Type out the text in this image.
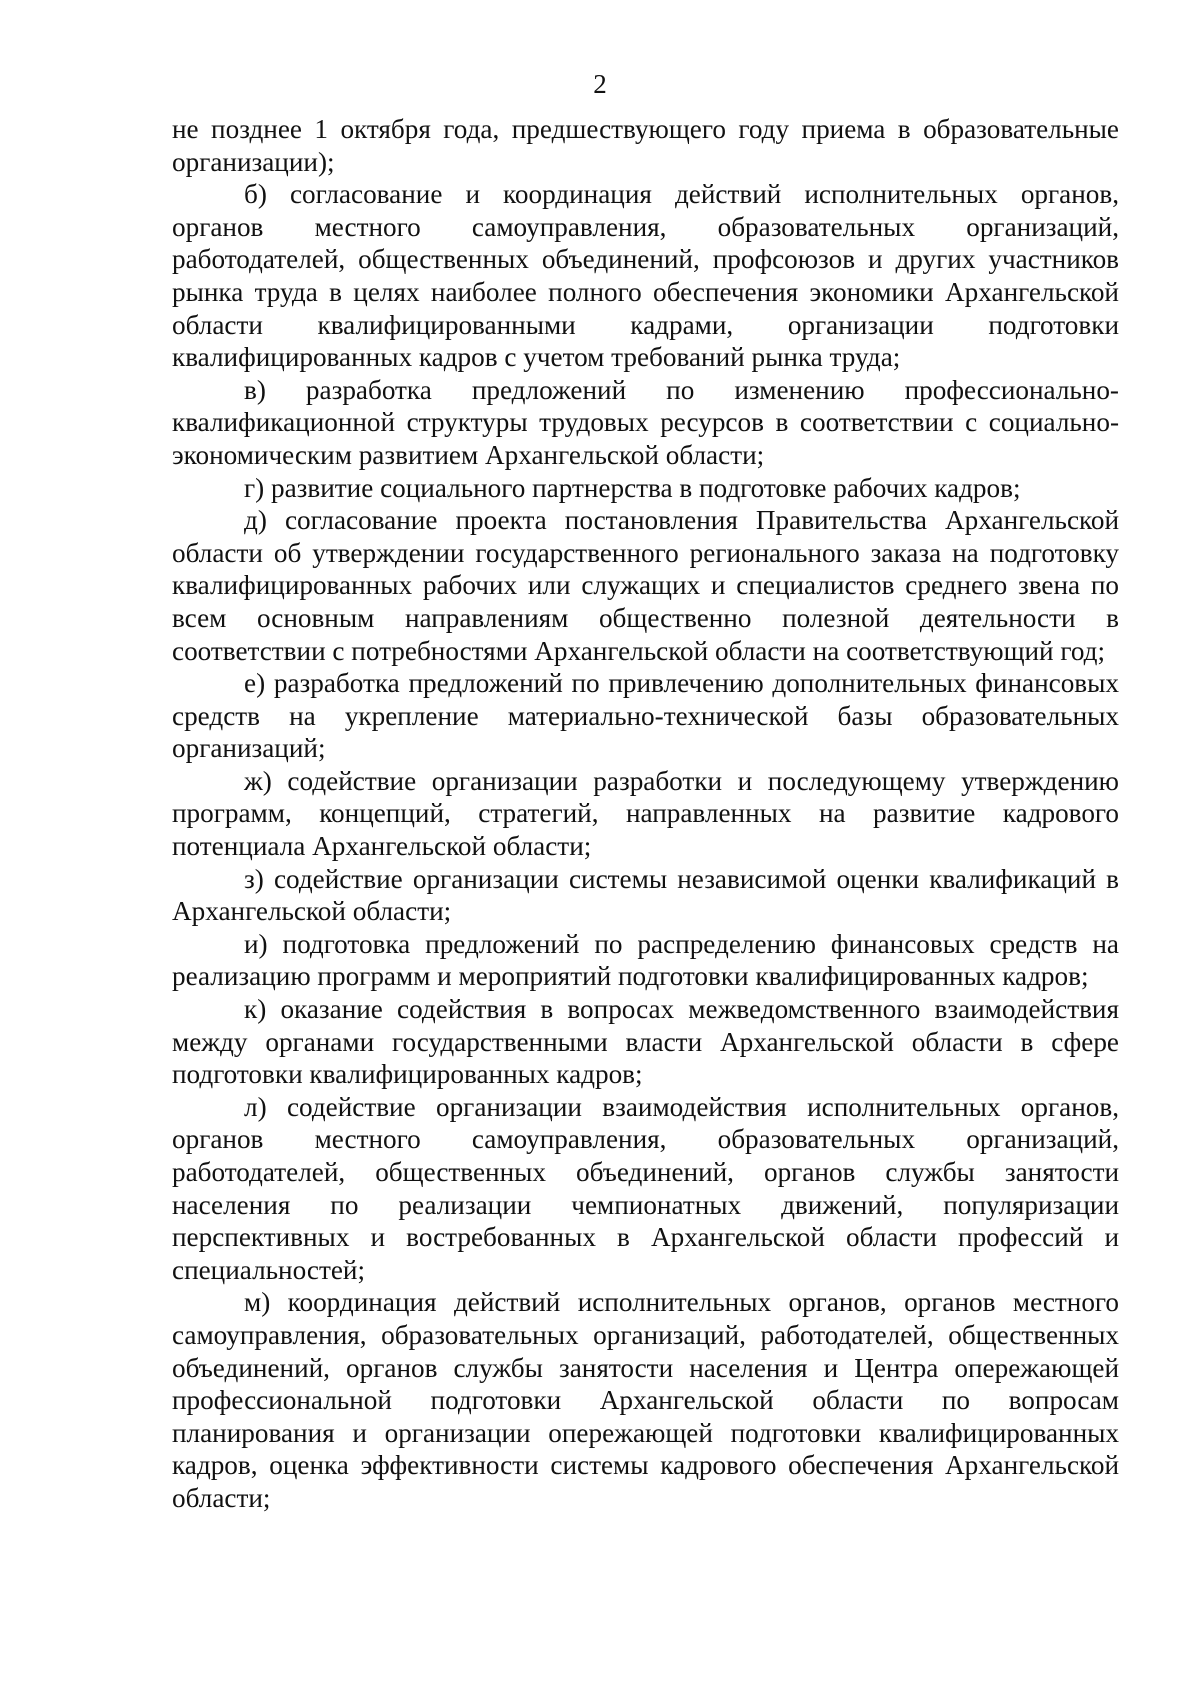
2

не позднее 1 октября года, предшествующего году приема в образовательные организации);

б) согласование и координация действий исполнительных органов, органов местного самоуправления, образовательных организаций, работодателей, общественных объединений, профсоюзов и других участников рынка труда в целях наиболее полного обеспечения экономики Архангельской области квалифицированными кадрами, организации подготовки квалифицированных кадров с учетом требований рынка труда;

в) разработка предложений по изменению профессионально-квалификационной структуры трудовых ресурсов в соответствии с социально-экономическим развитием Архангельской области;

г) развитие социального партнерства в подготовке рабочих кадров;

д) согласование проекта постановления Правительства Архангельской области об утверждении государственного регионального заказа на подготовку квалифицированных рабочих или служащих и специалистов среднего звена по всем основным направлениям общественно полезной деятельности в соответствии с потребностями Архангельской области на соответствующий год;

е) разработка предложений по привлечению дополнительных финансовых средств на укрепление материально-технической базы образовательных организаций;

ж) содействие организации разработки и последующему утверждению программ, концепций, стратегий, направленных на развитие кадрового потенциала Архангельской области;

з) содействие организации системы независимой оценки квалификаций в Архангельской области;

и) подготовка предложений по распределению финансовых средств на реализацию программ и мероприятий подготовки квалифицированных кадров;

к) оказание содействия в вопросах межведомственного взаимодействия между органами государственными власти Архангельской области в сфере подготовки квалифицированных кадров;

л) содействие организации взаимодействия исполнительных органов, органов местного самоуправления, образовательных организаций, работодателей, общественных объединений, органов службы занятости населения по реализации чемпионатных движений, популяризации перспективных и востребованных в Архангельской области профессий и специальностей;

м) координация действий исполнительных органов, органов местного самоуправления, образовательных организаций, работодателей, общественных объединений, органов службы занятости населения и Центра опережающей профессиональной подготовки Архангельской области по вопросам планирования и организации опережающей подготовки квалифицированных кадров, оценка эффективности системы кадрового обеспечения Архангельской области;
